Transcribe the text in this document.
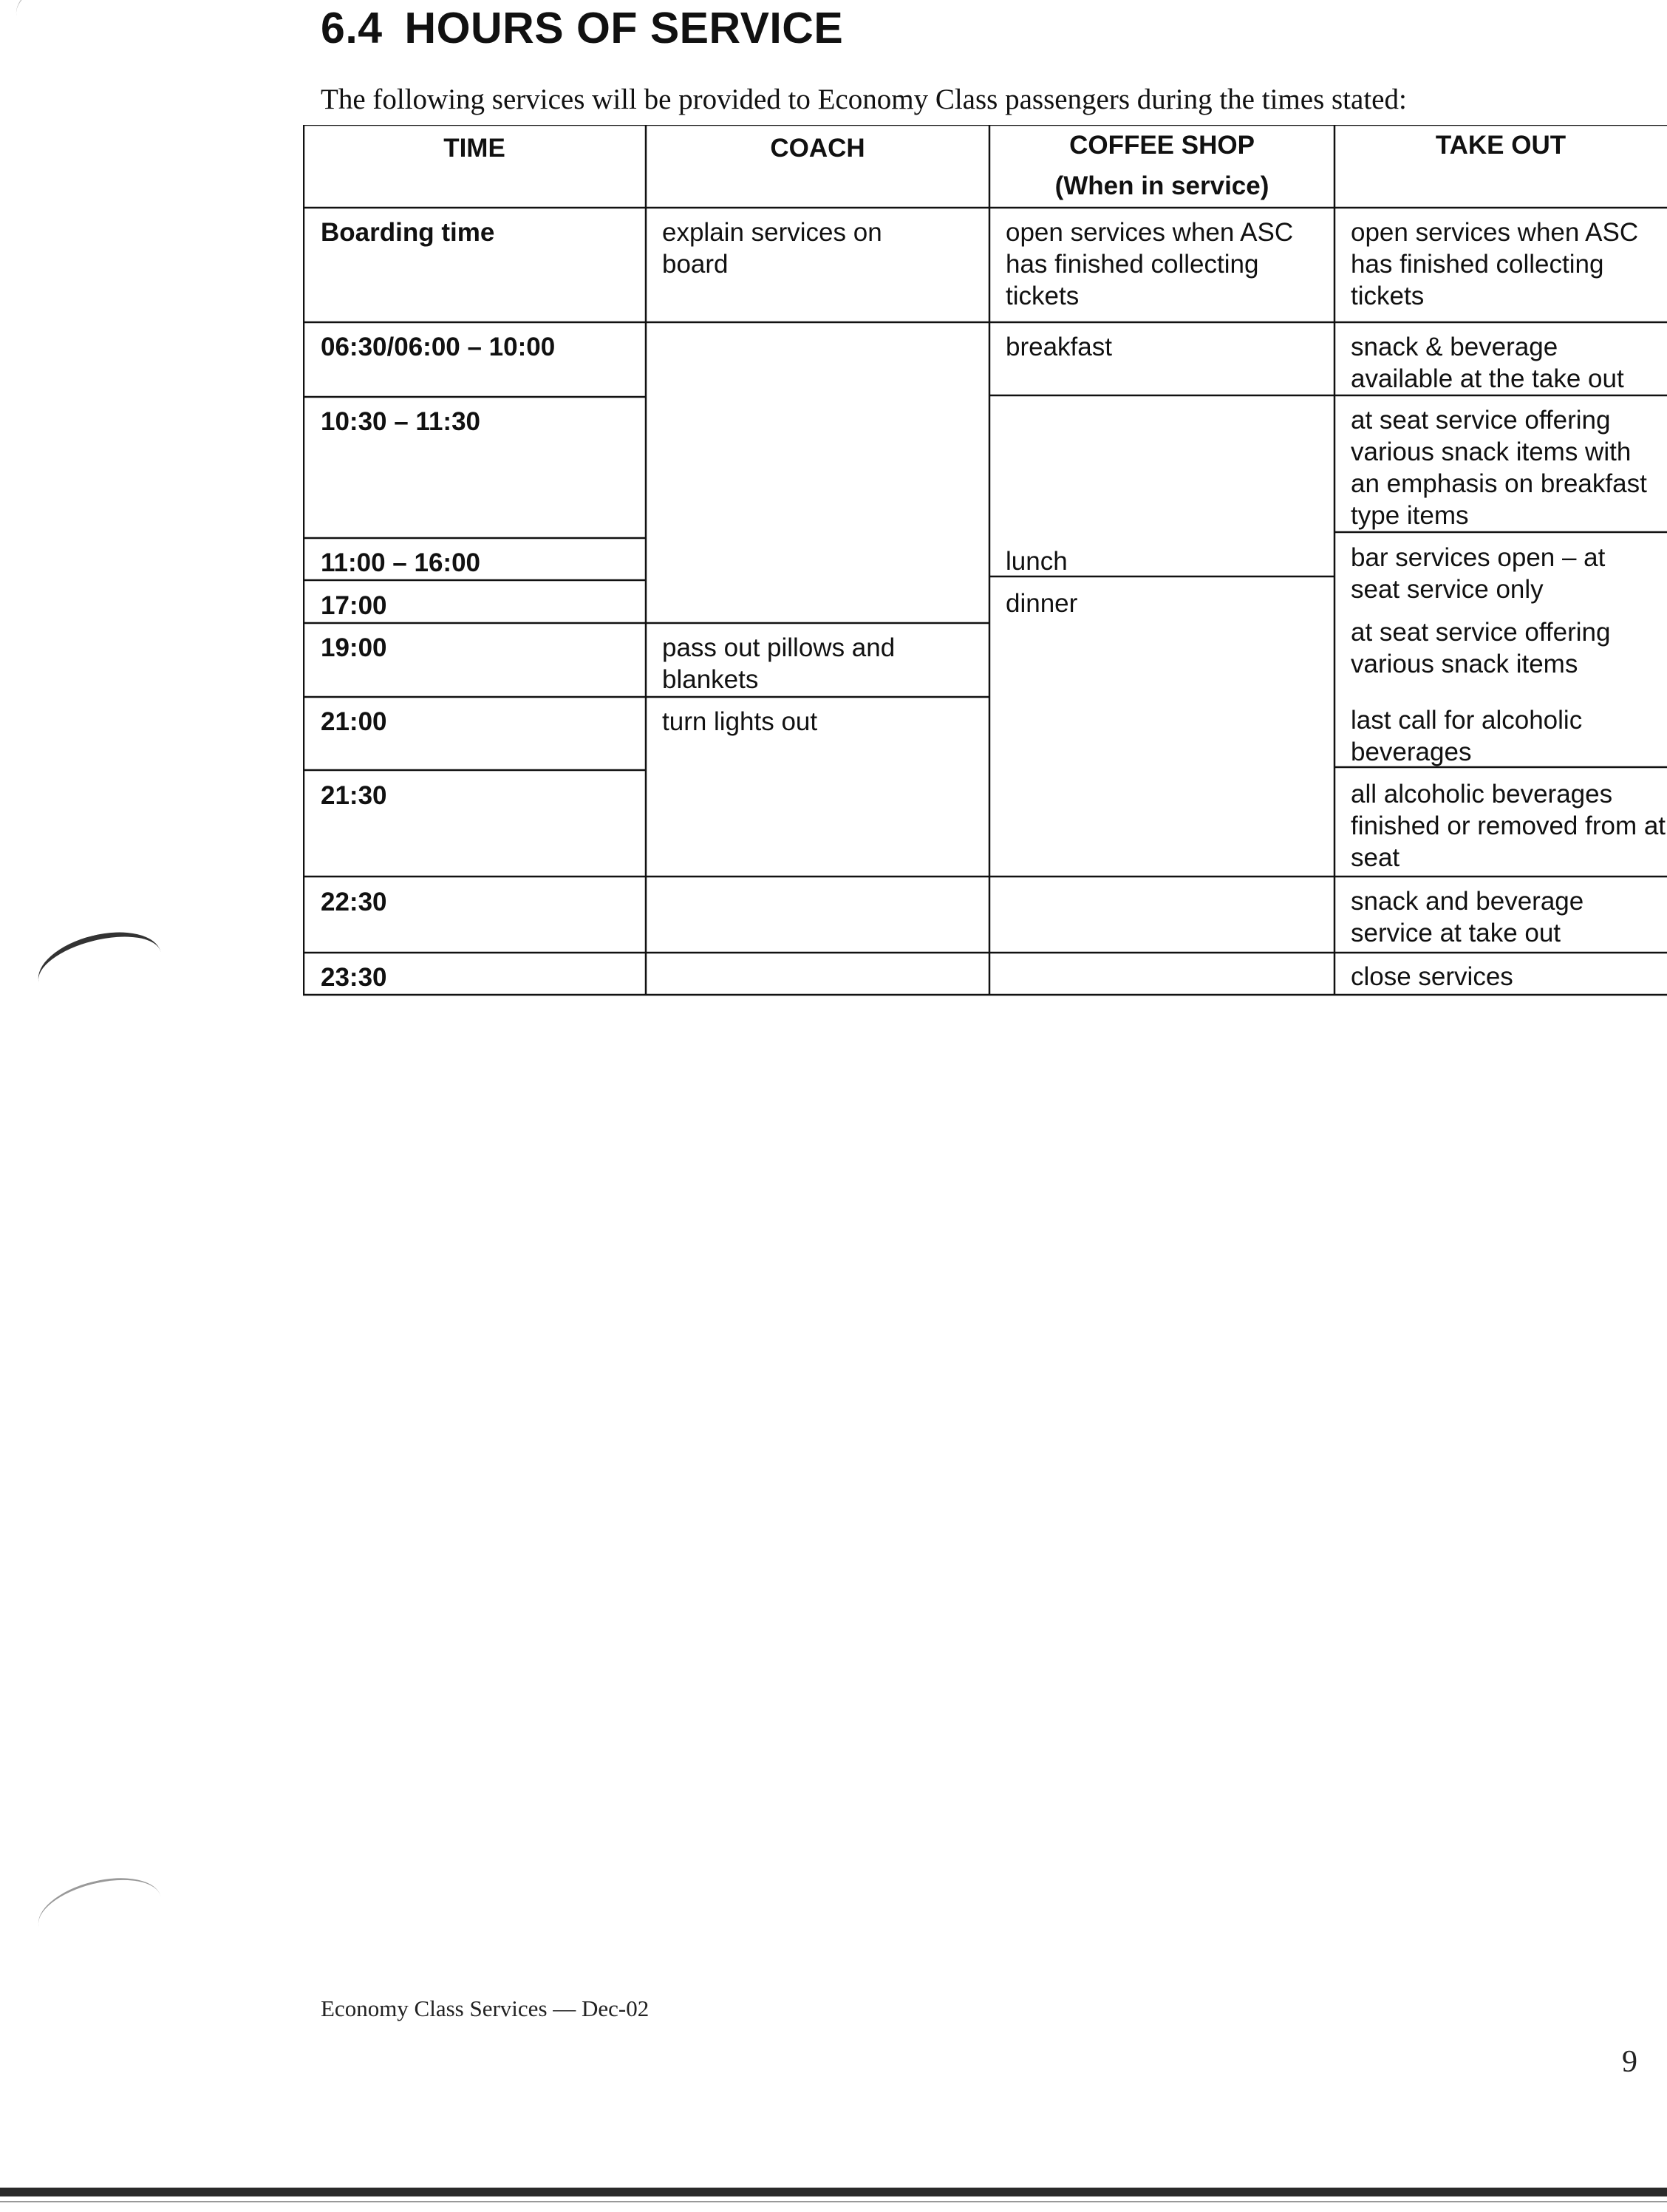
6.4 HOURS OF SERVICE

The following services will be provided to Economy Class passengers during the times stated:

TIME	COACH	COFFEE SHOP
(When in service)
TAKE OUT
Boarding time
06:30/06:00 – 10:00
10:30 – 11:30
11:00 – 16:00
17:00
19:00
21:00
21:30
22:30
23:30
explain services on board
pass out pillows and blankets
turn lights out
open services when ASC has finished collecting tickets
breakfast
lunch
dinner
open services when ASC has finished collecting tickets
snack & beverage available at the take out
at seat service offering various snack items with an emphasis on breakfast type items
bar services open – at seat service only
at seat service offering various snack items
last call for alcoholic beverages
all alcoholic beverages finished or removed from at seat
snack and beverage service at take out
close services
Economy Class Services — Dec-02
9
